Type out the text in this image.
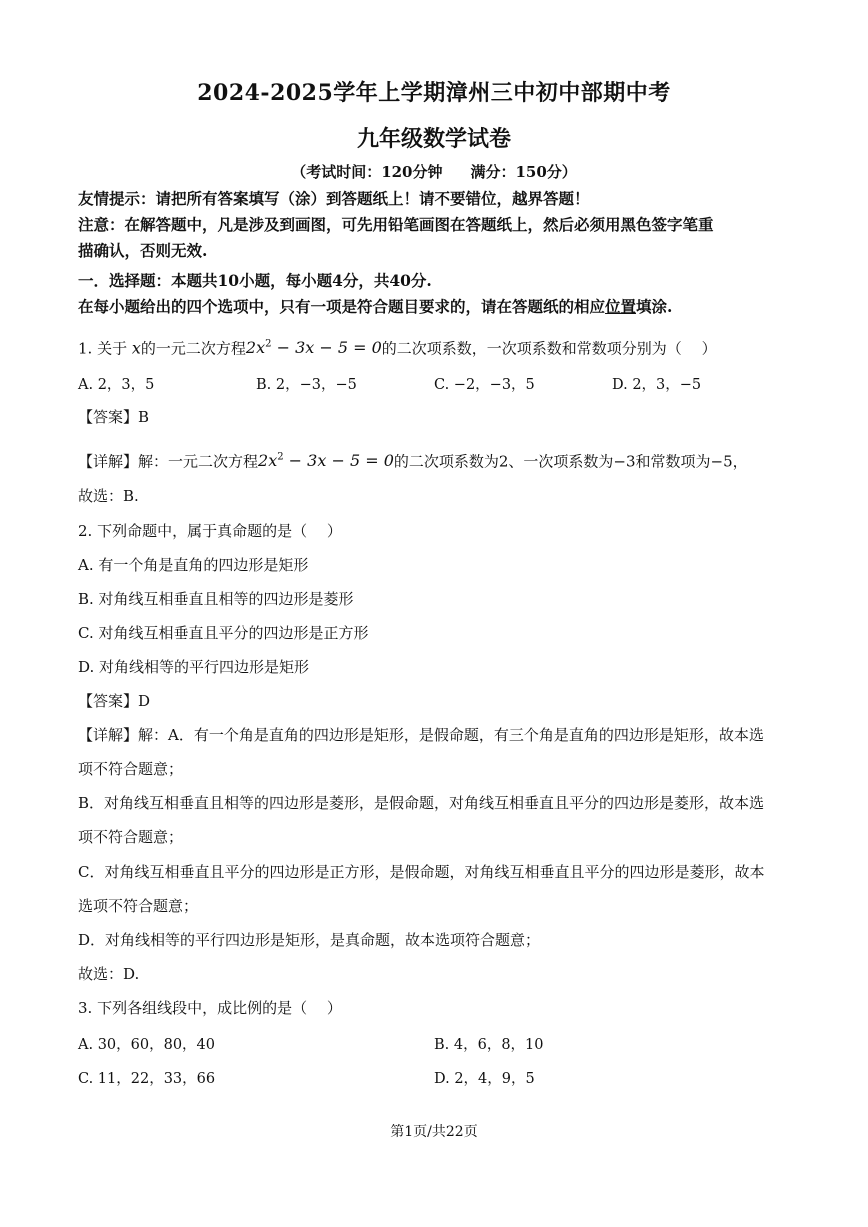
2024-2025学年上学期漳州三中初中部期中考
九年级数学试卷
（考试时间：120分钟 满分：150分）
友情提示：请把所有答案填写（涂）到答题纸上！请不要错位，越界答题！
注意：在解答题中，凡是涉及到画图，可先用铅笔画图在答题纸上，然后必须用黑色签字笔重
描确认，否则无效.
一．选择题：本题共10小题，每小题4分，共40分.
在每小题给出的四个选项中，只有一项是符合题目要求的，请在答题纸的相应位置填涂.
1. 关于 x的一元二次方程$2x^2 - 3x - 5 = 0$的二次项系数，一次项系数和常数项分别为（　 ）
A. 2，3，5	B. 2，−3，−5	C. −2，−3，5	D. 2，3，−5
【答案】B
【详解】解：一元二次方程$2x^2 - 3x - 5 = 0$的二次项系数为2、一次项系数为−3和常数项为−5，
故选：B.
2. 下列命题中，属于真命题的是（　 ）
A. 有一个角是直角的四边形是矩形
B. 对角线互相垂直且相等的四边形是菱形
C. 对角线互相垂直且平分的四边形是正方形
D. 对角线相等的平行四边形是矩形
【答案】D
【详解】解：A．有一个角是直角的四边形是矩形，是假命题，有三个角是直角的四边形是矩形，故本选
项不符合题意；
B．对角线互相垂直且相等的四边形是菱形，是假命题，对角线互相垂直且平分的四边形是菱形，故本选
项不符合题意；
C．对角线互相垂直且平分的四边形是正方形，是假命题，对角线互相垂直且平分的四边形是菱形，故本
选项不符合题意；
D．对角线相等的平行四边形是矩形，是真命题，故本选项符合题意；
故选：D.
3. 下列各组线段中，成比例的是（　 ）
A. 30，60，80，40	B. 4，6，8，10
C. 11，22，33，66	D. 2，4，9，5
第1页/共22页
